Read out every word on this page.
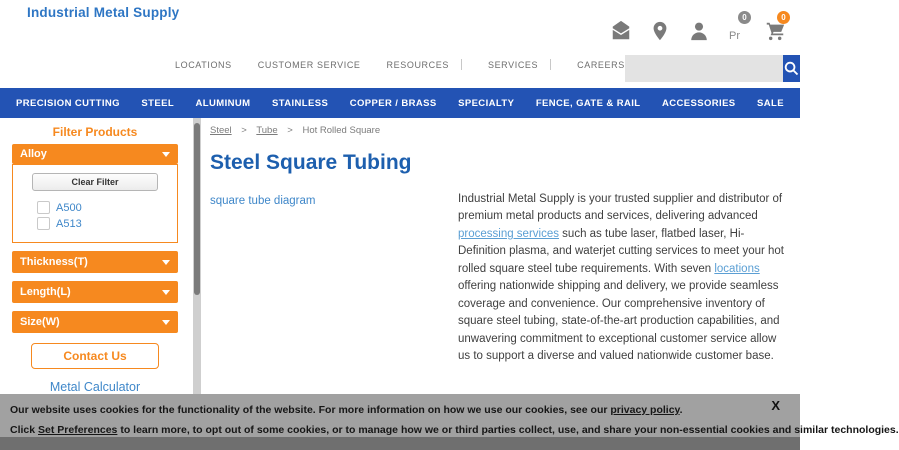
Industrial Metal Supply
Pr
0	0
LOCATIONS	CUSTOMER SERVICE	RESOURCES	SERVICES	CAREERS
PRECISION CUTTING STEEL ALUMINUM STAINLESS COPPER / BRASS SPECIALTY FENCE, GATE & RAIL ACCESSORIES SALE
Filter Products
Alloy
Clear Filter
A500
A513
Thickness(T)
Length(L)
Size(W)
Contact Us
Metal Calculator
Steel > Tube > Hot Rolled Square
Steel Square Tubing
square tube diagram	Industrial Metal Supply is your trusted supplier and distributor of premium metal products and services, delivering advanced processing services such as tube laser, flatbed laser, Hi-Definition plasma, and waterjet cutting services to meet your hot rolled square steel tube requirements. With seven locations offering nationwide shipping and delivery, we provide seamless coverage and convenience. Our comprehensive inventory of square steel tubing, state-of-the-art production capabilities, and unwavering commitment to exceptional customer service allow us to support a diverse and valued nationwide customer base.

Our website uses cookies for the functionality of the website. For more information on how we use our cookies, see our privacy policy.
Click Set Preferences to learn more, to opt out of some cookies, or to manage how we or third parties collect, use, and share your non-essential cookies and similar technologies.
X
